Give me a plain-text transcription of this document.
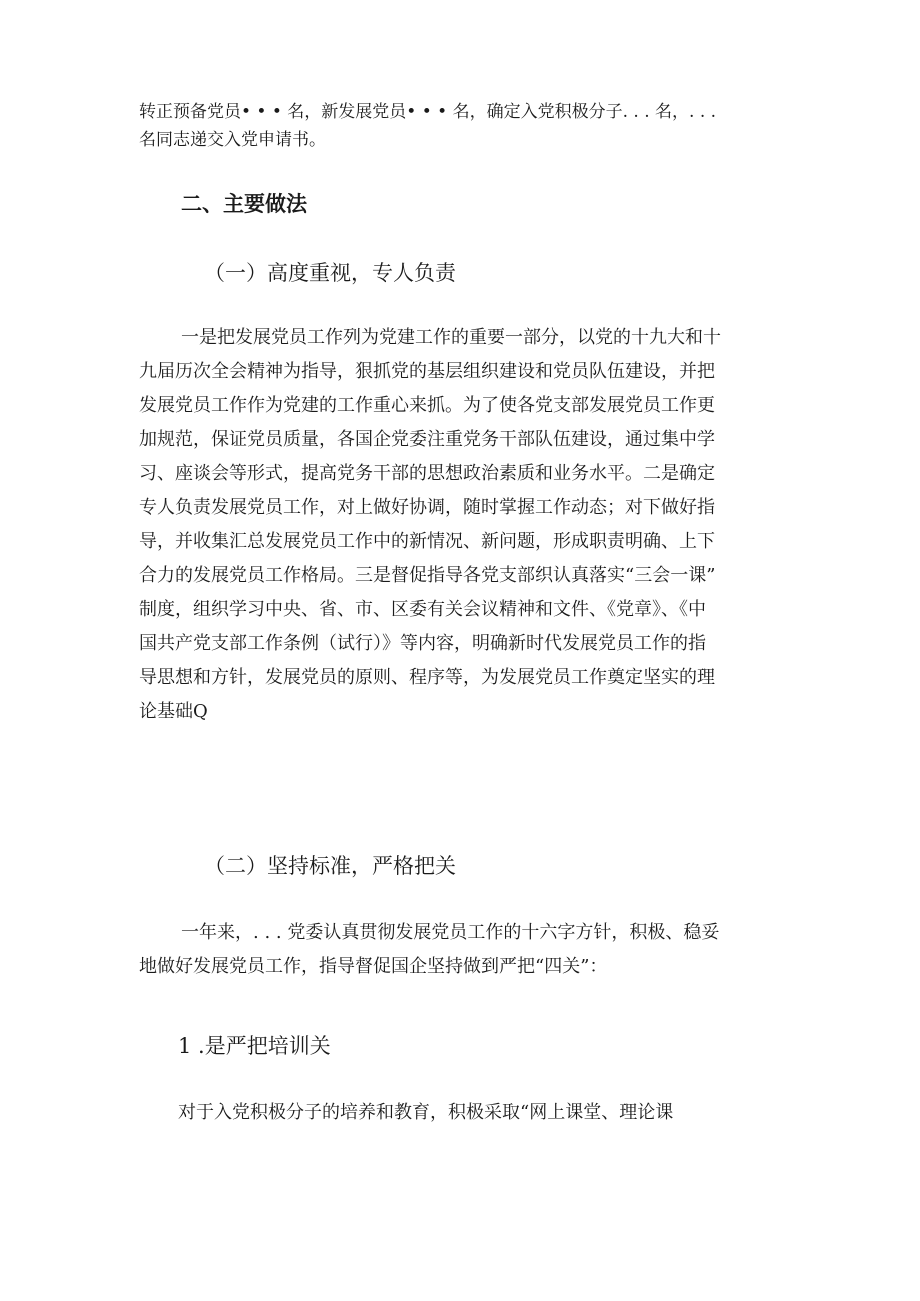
转正预备党员• • • 名，新发展党员• • • 名，确定入党积极分子. . . 名，. . .
名同志递交入党申请书。
二、主要做法
（一）高度重视，专人负责
一是把发展党员工作列为党建工作的重要一部分，以党的十九大和十
九届历次全会精神为指导，狠抓党的基层组织建设和党员队伍建设，并把
发展党员工作作为党建的工作重心来抓。为了使各党支部发展党员工作更
加规范，保证党员质量，各国企党委注重党务干部队伍建设，通过集中学
习、座谈会等形式，提高党务干部的思想政治素质和业务水平。二是确定
专人负责发展党员工作，对上做好协调，随时掌握工作动态；对下做好指
导，并收集汇总发展党员工作中的新情况、新问题，形成职责明确、上下
合力的发展党员工作格局。三是督促指导各党支部织认真落实“三会一课”
制度，组织学习中央、省、市、区委有关会议精神和文件、《党章》、《中
国共产党支部工作条例（试行）》等内容，明确新时代发展党员工作的指
导思想和方针，发展党员的原则、程序等，为发展党员工作奠定坚实的理
论基础Q
（二）坚持标准，严格把关
一年来，. . . 党委认真贯彻发展党员工作的十六字方针，积极、稳妥
地做好发展党员工作，指导督促国企坚持做到严把“四关”：
1 .是严把培训关
对于入党积极分子的培养和教育，积极采取“网上课堂、理论课
